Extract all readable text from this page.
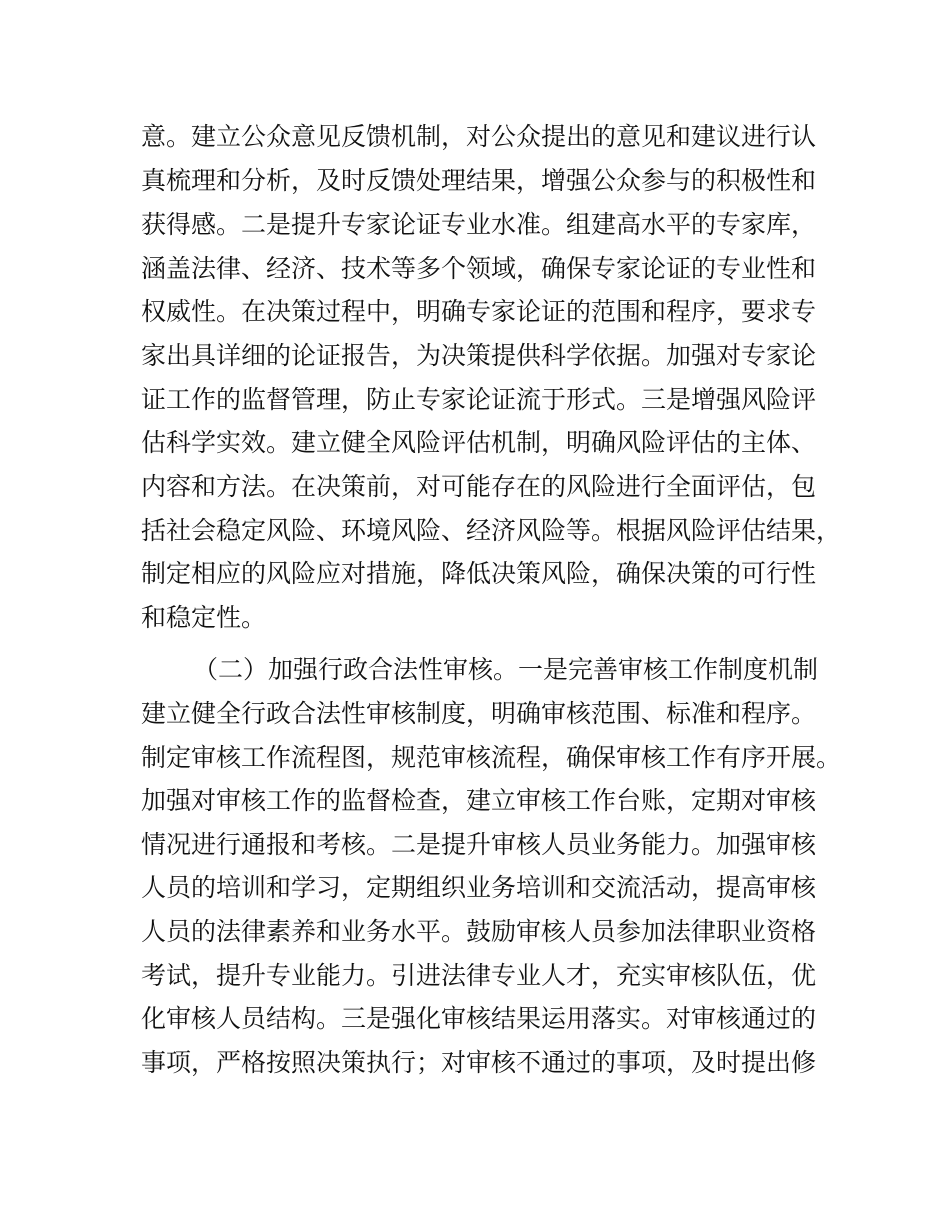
意。建立公众意见反馈机制，对公众提出的意见和建议进行认
真梳理和分析，及时反馈处理结果，增强公众参与的积极性和
获得感。二是提升专家论证专业水准。组建高水平的专家库，
涵盖法律、经济、技术等多个领域，确保专家论证的专业性和
权威性。在决策过程中，明确专家论证的范围和程序，要求专
家出具详细的论证报告，为决策提供科学依据。加强对专家论
证工作的监督管理，防止专家论证流于形式。三是增强风险评
估科学实效。建立健全风险评估机制，明确风险评估的主体、
内容和方法。在决策前，对可能存在的风险进行全面评估，包
括社会稳定风险、环境风险、经济风险等。根据风险评估结果，
制定相应的风险应对措施，降低决策风险，确保决策的可行性
和稳定性。
（二）加强行政合法性审核。一是完善审核工作制度机制
建立健全行政合法性审核制度，明确审核范围、标准和程序。
制定审核工作流程图，规范审核流程，确保审核工作有序开展。
加强对审核工作的监督检查，建立审核工作台账，定期对审核
情况进行通报和考核。二是提升审核人员业务能力。加强审核
人员的培训和学习，定期组织业务培训和交流活动，提高审核
人员的法律素养和业务水平。鼓励审核人员参加法律职业资格
考试，提升专业能力。引进法律专业人才，充实审核队伍，优
化审核人员结构。三是强化审核结果运用落实。对审核通过的
事项，严格按照决策执行；对审核不通过的事项，及时提出修
